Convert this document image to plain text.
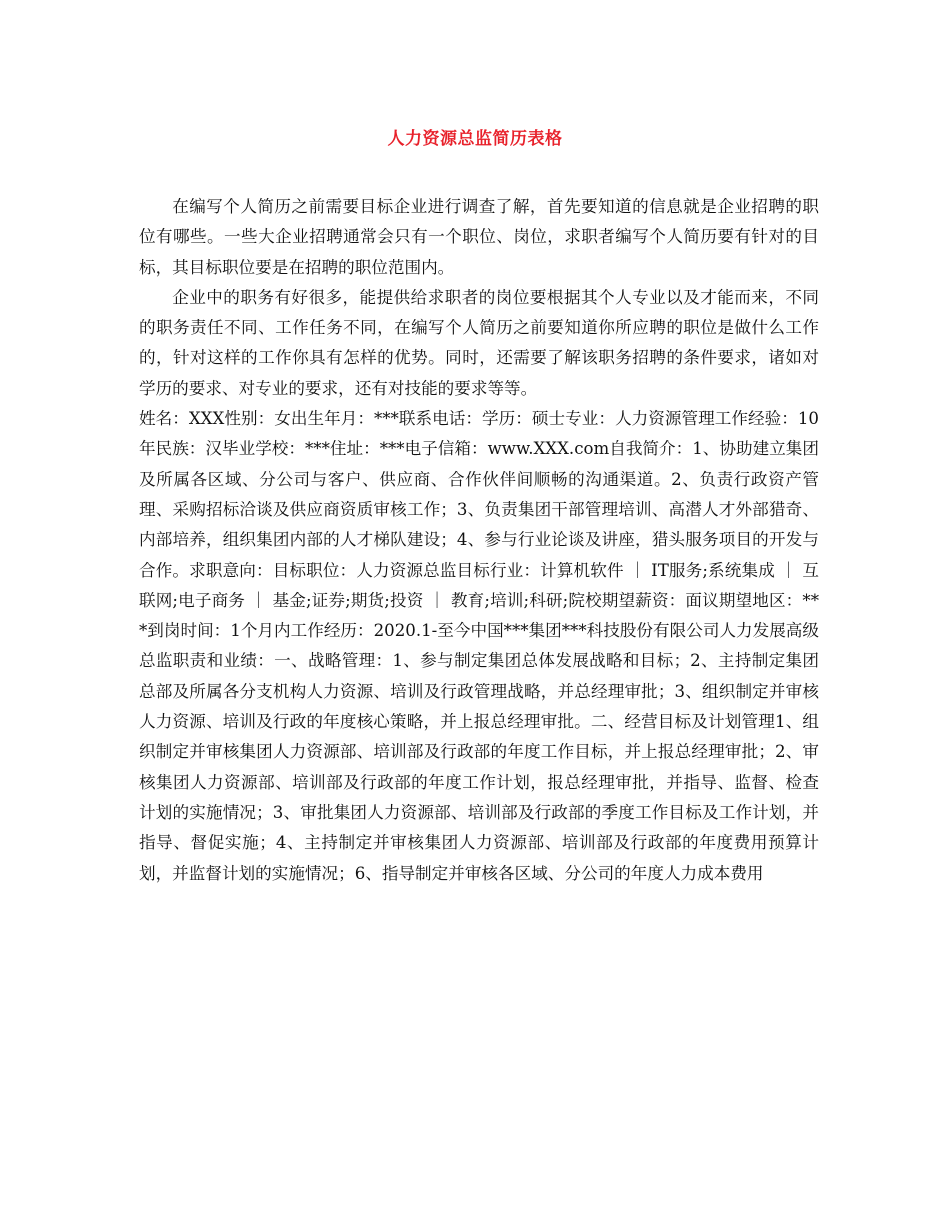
人力资源总监简历表格

在编写个人简历之前需要目标企业进行调查了解，首先要知道的信息就是企业招聘的职位有哪些。一些大企业招聘通常会只有一个职位、岗位，求职者编写个人简历要有针对的目标，其目标职位要是在招聘的职位范围内。

企业中的职务有好很多，能提供给求职者的岗位要根据其个人专业以及才能而来，不同的职务责任不同、工作任务不同，在编写个人简历之前要知道你所应聘的职位是做什么工作的，针对这样的工作你具有怎样的优势。同时，还需要了解该职务招聘的条件要求，诸如对学历的要求、对专业的要求，还有对技能的要求等等。

姓名：XXX性别：女出生年月：***联系电话：学历：硕士专业：人力资源管理工作经验：10年民族：汉毕业学校：***住址：***电子信箱：www.XXX.com自我简介：1、协助建立集团及所属各区域、分公司与客户、供应商、合作伙伴间顺畅的沟通渠道。2、负责行政资产管理、采购招标洽谈及供应商资质审核工作；3、负责集团干部管理培训、高潜人才外部猎奇、内部培养，组织集团内部的人才梯队建设；4、参与行业论谈及讲座，猎头服务项目的开发与合作。求职意向：目标职位：人力资源总监目标行业：计算机软件 ｜ IT服务;系统集成 ｜ 互联网;电子商务 ｜ 基金;证券;期货;投资 ｜ 教育;培训;科研;院校期望薪资：面议期望地区：***到岗时间：1个月内工作经历：2020.1-至今中国***集团***科技股份有限公司人力发展高级总监职责和业绩：一、战略管理：1、参与制定集团总体发展战略和目标；2、主持制定集团总部及所属各分支机构人力资源、培训及行政管理战略，并总经理审批；3、组织制定并审核人力资源、培训及行政的年度核心策略，并上报总经理审批。二、经营目标及计划管理1、组织制定并审核集团人力资源部、培训部及行政部的年度工作目标，并上报总经理审批；2、审核集团人力资源部、培训部及行政部的年度工作计划，报总经理审批，并指导、监督、检查计划的实施情况；3、审批集团人力资源部、培训部及行政部的季度工作目标及工作计划，并指导、督促实施；4、主持制定并审核集团人力资源部、培训部及行政部的年度费用预算计划，并监督计划的实施情况；6、指导制定并审核各区域、分公司的年度人力成本费用
